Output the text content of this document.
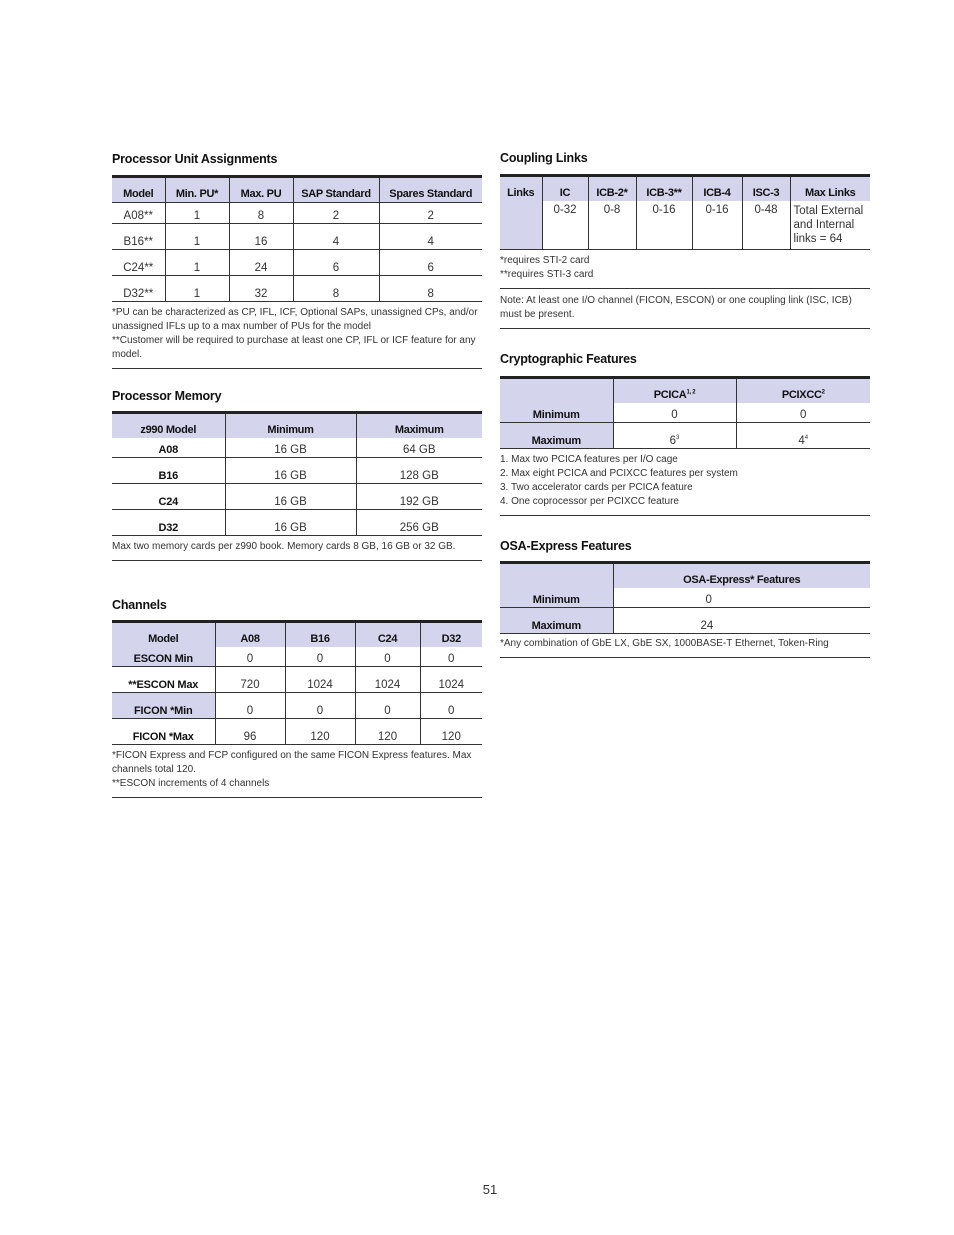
Processor Unit Assignments
Model	Min. PU*	Max. PU	SAP Standard	Spares Standard
A08**	1	8	2	2
B16**	1	16	4	4
C24**	1	24	6	6
D32**	1	32	8	8
*PU can be characterized as CP, IFL, ICF, Optional SAPs, unassigned CPs, and/or unassigned IFLs up to a max number of PUs for the model
**Customer will be required to purchase at least one CP, IFL or ICF feature for any model.
Processor Memory
z990 Model	Minimum	Maximum
A08	16 GB	64 GB
B16	16 GB	128 GB
C24	16 GB	192 GB
D32	16 GB	256 GB
Max two memory cards per z990 book. Memory cards 8 GB, 16 GB or 32 GB.
Channels
Model	A08	B16	C24	D32
ESCON Min	0	0	0	0
**ESCON Max	720	1024	1024	1024
FICON *Min	0	0	0	0
FICON *Max	96	120	120	120
*FICON Express and FCP configured on the same FICON Express features. Max channels total 120.
**ESCON increments of 4 channels
Coupling Links
Links	IC	ICB-2*	ICB-3**	ICB-4	ISC-3	Max Links
	0-32	0-8	0-16	0-16	0-48	Total External and Internal links = 64
*requires STI-2 card
**requires STI-3 card
Note: At least one I/O channel (FICON, ESCON) or one coupling link (ISC, ICB) must be present.
Cryptographic Features
	PCICA$^{1, 2}$	PCIXCC$^2$
Minimum	0	0
Maximum	$6^3$	$4^4$
1. Max two PCICA features per I/O cage
2. Max eight PCICA and PCIXCC features per system
3. Two accelerator cards per PCICA feature
4. One coprocessor per PCIXCC feature
OSA-Express Features
	OSA-Express* Features
Minimum	0
Maximum	24
*Any combination of GbE LX, GbE SX, 1000BASE-T Ethernet, Token-Ring
51
